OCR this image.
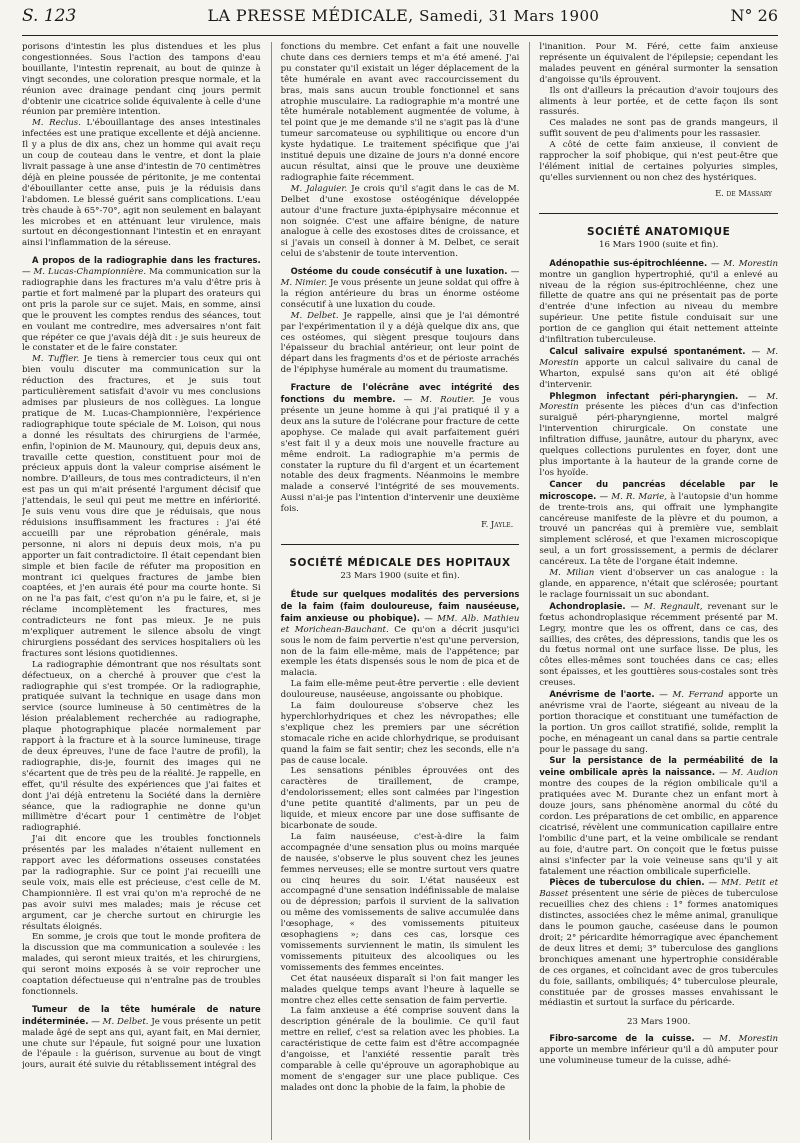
S. 123	LA PRESSE MÉDICALE, Samedi, 31 Mars 1900	N° 26

porisons d'intestin les plus distendues et les plus congestionnées. Sous l'action des tampons d'eau bouillante, l'intestin reprenait, au bout de quinze à vingt secondes, une coloration presque normale, et la réunion avec drainage pendant cinq jours permit d'obtenir une cicatrice solide équivalente à celle d'une réunion par première intention.

M. Reclus. L'ébouillantage des anses intestinales infectées est une pratique excellente et déjà ancienne. Il y a plus de dix ans, chez un homme qui avait reçu un coup de couteau dans le ventre, et dont la plaie livrait passage à une anse d'intestin de 70 centimètres déjà en pleine poussée de péritonite, je me contentai d'ébouillanter cette anse, puis je la réduisis dans l'abdomen. Le blessé guérit sans complications. L'eau très chaude à 65°-70°, agit non seulement en balayant les microbes et en atténuant leur virulence, mais surtout en décongestionnant l'intestin et en enrayant ainsi l'inflammation de la séreuse.

A propos de la radiographie dans les fractures. — M. Lucas-Championnière. Ma communication sur la radiographie dans les fractures m'a valu d'être pris à partie et fort malmené par la plupart des orateurs qui ont pris la parole sur ce sujet. Mais, en somme, ainsi que le prouvent les comptes rendus des séances, tout en voulant me contredire, mes adversaires n'ont fait que répéter ce que j'avais déjà dit : je suis heureux de le constater et de le faire constater.

M. Tuffier. Je tiens à remercier tous ceux qui ont bien voulu discuter ma communication sur la réduction des fractures, et je suis tout particulièrement satisfait d'avoir vu mes conclusions admises par plusieurs de nos collègues. La longue pratique de M. Lucas-Championnière, l'expérience radiographique toute spéciale de M. Loison, qui nous a donné les résultats des chirurgiens de l'armée, enfin, l'opinion de M. Maunoury, qui, depuis deux ans, travaille cette question, constituent pour moi de précieux appuis dont la valeur comprise aisément le nombre. D'ailleurs, de tous mes contradicteurs, il n'en est pas un qui m'ait présenté l'argument décisif que j'attendais, le seul qui peut me mettre en infériorité. Je suis venu vous dire que je réduisais, que nous réduisions insuffisamment les fractures : j'ai été accueilli par une réprobation générale, mais personne, ni alors ni depuis deux mois, n'a pu apporter un fait contradictoire. Il était cependant bien simple et bien facile de réfuter ma proposition en montrant ici quelques fractures de jambe bien coaptées, et j'en aurais été pour ma courte honte. Si on ne l'a pas fait, c'est qu'on n'a pu le faire, et, si je réclame incomplètement les fractures, mes contradicteurs ne font pas mieux. Je ne puis m'expliquer autrement le silence absolu de vingt chirurgiens possédant des services hospitaliers où les fractures sont lésions quotidiennes.

La radiographie démontrant que nos résultats sont défectueux, on a cherché à prouver que c'est la radiographie qui s'est trompée. Or la radiographie, pratiquée suivant la technique en usage dans mon service (source lumineuse à 50 centimètres de la lésion préalablement recherchée au radiographe, plaque photographique placée normalement par rapport à la fracture et à la source lumineuse, tirage de deux épreuves, l'une de face l'autre de profil), la radiographie, dis-je, fournit des images qui ne s'écartent que de très peu de la réalité. Je rappelle, en effet, qu'il résulte des expériences que j'ai faites et dont j'ai déjà entretenu la Société dans la dernière séance, que la radiographie ne donne qu'un millimètre d'écart pour 1 centimètre de l'objet radiographié.

J'ai dit encore que les troubles fonctionnels présentés par les malades n'étaient nullement en rapport avec les déformations osseuses constatées par la radiographie. Sur ce point j'ai recueilli une seule voix, mais elle est précieuse, c'est celle de M. Championnière. Il est vrai qu'on m'a reproché de ne pas avoir suivi mes malades; mais je récuse cet argument, car je cherche surtout en chirurgie les résultats éloignés.

En somme, je crois que tout le monde profitera de la discussion que ma communication a soulevée : les malades, qui seront mieux traités, et les chirurgiens, qui seront moins exposés à se voir reprocher une coaptation défectueuse qui n'entraîne pas de troubles fonctionnels.

Tumeur de la tête humérale de nature indéterminée. — M. Delbet. Je vous présente un petit malade âgé de sept ans qui, ayant fait, en Mai dernier, une chute sur l'épaule, fut soigné pour une luxation de l'épaule : la guérison, survenue au bout de vingt jours, aurait été suivie du rétablissement intégral des

fonctions du membre. Cet enfant a fait une nouvelle chute dans ces derniers temps et m'a été amené. J'ai pu constater qu'il existait un léger déplacement de la tête humérale en avant avec raccourcissement du bras, mais sans aucun trouble fonctionnel et sans atrophie musculaire. La radiographie m'a montré une tête humérale notablement augmentée de volume, à tel point que je me demande s'il ne s'agit pas là d'une tumeur sarcomateuse ou syphilitique ou encore d'un kyste hydatique. Le traitement spécifique que j'ai institué depuis une dizaine de jours n'a donné encore aucun résultat, ainsi que le prouve une deuxième radiographie faite récemment.

M. Jalaguier. Je crois qu'il s'agit dans le cas de M. Delbet d'une exostose ostéogénique développée autour d'une fracture juxta-épiphysaire méconnue et non soignée. C'est une affaire bénigne, de nature analogue à celle des exostoses dites de croissance, et si j'avais un conseil à donner à M. Delbet, ce serait celui de s'abstenir de toute intervention.

Ostéome du coude consécutif à une luxation. — M. Nimier. Je vous présente un jeune soldat qui offre à la région antérieure du bras un énorme ostéome consécutif à une luxation du coude.

M. Delbet. Je rappelle, ainsi que je l'ai démontré par l'expérimentation il y a déjà quelque dix ans, que ces ostéomes, qui siègent presque toujours dans l'épaisseur du brachial antérieur, ont leur point de départ dans les fragments d'os et de périoste arrachés de l'épiphyse humérale au moment du traumatisme.

Fracture de l'olécrâne avec intégrité des fonctions du membre. — M. Routier. Je vous présente un jeune homme à qui j'ai pratiqué il y a deux ans la suture de l'olécrane pour fracture de cette apophyse. Ce malade qui avait parfaitement guéri s'est fait il y a deux mois une nouvelle fracture au même endroit. La radiographie m'a permis de constater la rupture du fil d'argent et un écartement notable des deux fragments. Néanmoins le membre malade a conservé l'intégrité de ses mouvements. Aussi n'ai-je pas l'intention d'intervenir une deuxième fois.

F. Jayle.

SOCIÉTÉ MÉDICALE DES HOPITAUX
23 Mars 1900 (suite et fin).

Étude sur quelques modalités des perversions de la faim (faim douloureuse, faim nauséeuse, faim anxieuse ou phobique). — MM. Alb. Mathieu et Morichean-Bauchant. Ce qu'on a décrit jusqu'ici sous le nom de faim pervertie n'est qu'une perversion, non de la faim elle-même, mais de l'appétence; par exemple les états dispensés sous le nom de pica et de malacia.

La faim elle-même peut-être pervertie : elle devient douloureuse, nauséeuse, angoissante ou phobique.

La faim douloureuse s'observe chez les hyperchlorhydriques et chez les névropathes; elle s'explique chez les premiers par une sécrétion stomacale riche en acide chlorhydrique, se produisant quand la faim se fait sentir; chez les seconds, elle n'a pas de cause locale.

Les sensations pénibles éprouvées ont des caractères de tiraillement, de crampe, d'endolorissement; elles sont calmées par l'ingestion d'une petite quantité d'aliments, par un peu de liquide, et mieux encore par une dose suffisante de bicarbonate de soude.

La faim nauséeuse, c'est-à-dire la faim accompagnée d'une sensation plus ou moins marquée de nausée, s'observe le plus souvent chez les jeunes femmes nerveuses; elle se montre surtout vers quatre ou cinq heures du soir. L'état nauséeux est accompagné d'une sensation indéfinissable de malaise ou de dépression; parfois il survient de la salivation ou même des vomissements de salive accumulée dans l'œsophage, « des vomissements pituiteux œsophagiens »; dans ces cas, lorsque ces vomissements surviennent le matin, ils simulent les vomissements pituiteux des alcooliques ou les vomissements des femmes enceintes.

Cet état nauséeux disparaît si l'on fait manger les malades quelque temps avant l'heure à laquelle se montre chez elles cette sensation de faim pervertie.

La faim anxieuse a été comprise souvent dans la description générale de la boulimie. Ce qu'il faut mettre en relief, c'est sa relation avec les phobies. La caractéristique de cette faim est d'être accompagnée d'angoisse, et l'anxiété ressentie paraît très comparable à celle qu'éprouve un agoraphobique au moment de s'engager sur une place publique. Ces malades ont donc la phobie de la faim, la phobie de

l'inanition. Pour M. Féré, cette faim anxieuse représente un équivalent de l'épilepsie; cependant les malades peuvent en général surmonter la sensation d'angoisse qu'ils éprouvent.

Ils ont d'ailleurs la précaution d'avoir toujours des aliments à leur portée, et de cette façon ils sont rassurés.

Ces malades ne sont pas de grands mangeurs, il suffit souvent de peu d'aliments pour les rassasier.

A côté de cette faim anxieuse, il convient de rapprocher la soif phobique, qui n'est peut-être que l'élément initial de certaines polyuries simples, qu'elles surviennent ou non chez des hystériques.

E. de Massary

SOCIÉTÉ ANATOMIQUE
16 Mars 1900 (suite et fin).

Adénopathie sus-épitrochléenne. — M. Morestin montre un ganglion hypertrophié, qu'il a enlevé au niveau de la région sus-épitrochléenne, chez une fillette de quatre ans qui ne présentait pas de porte d'entrée d'une infection au niveau du membre supérieur. Une petite fistule conduisait sur une portion de ce ganglion qui était nettement atteinte d'infiltration tuberculeuse.

Calcul salivaire expulsé spontanément. — M. Morestin apporte un calcul salivaire du canal de Wharton, expulsé sans qu'on ait été obligé d'intervenir.

Phlegmon infectant péri-pharyngien. — M. Morestin présente les pièces d'un cas d'infection suraiguë péri-pharyngienne, mortel malgré l'intervention chirurgicale. On constate une infiltration diffuse, jaunâtre, autour du pharynx, avec quelques collections purulentes en foyer, dont une plus importante à la hauteur de la grande corne de l'os hyoïde.

Cancer du pancréas décelable par le microscope. — M. R. Marie, à l'autopsie d'un homme de trente-trois ans, qui offrait une lymphangite cancéreuse manifeste de la plèvre et du poumon, a trouvé un pancréas qui à première vue, semblait simplement sclérosé, et que l'examen microscopique seul, a un fort grossissement, a permis de déclarer cancéreux. La tête de l'organe était indemne.

M. Milian vient d'observer un cas analogue : la glande, en apparence, n'était que sclérosée; pourtant le raclage fournissait un suc abondant.

Achondroplasie. — M. Regnault, revenant sur le fœtus achondroplasique récemment présenté par M. Legry, montre que les os offrent, dans ce cas, des saillies, des crêtes, des dépressions, tandis que les os du fœtus normal ont une surface lisse. De plus, les côtes elles-mêmes sont touchées dans ce cas; elles sont épaisses, et les gouttières sous-costales sont très creuses.

Anévrisme de l'aorte. — M. Ferrand apporte un anévrisme vrai de l'aorte, siégeant au niveau de la portion thoracique et constituant une tuméfaction de la portion. Un gros caillot stratifié, solide, remplit la poche, en ménageant un canal dans sa partie centrale pour le passage du sang.

Sur la persistance de la perméabilité de la veine ombilicale après la naissance. — M. Audion montre des coupes de la région ombilicale qu'il a pratiquées avec M. Durante chez un enfant mort à douze jours, sans phénomène anormal du côté du cordon. Les préparations de cet ombilic, en apparence cicatrisé, révèlent une communication capillaire entre l'ombilic d'une part, et la veine ombilicale se rendant au foie, d'autre part. On conçoit que le fœtus puisse ainsi s'infecter par la voie veineuse sans qu'il y ait fatalement une réaction ombilicale superficielle.

Pièces de tuberculose du chien. — MM. Petit et Basset présentent une série de pièces de tuberculose recueillies chez des chiens : 1° formes anatomiques distinctes, associées chez le même animal, granulique dans le poumon gauche, caséeuse dans le poumon droit; 2° péricardite hémorragique avec épanchement de deux litres et demi; 3° tuberculose des ganglions bronchiques amenant une hypertrophie considérable de ces organes, et coïncidant avec de gros tubercules du foie, saillants, ombiliqués; 4° tuberculose pleurale, constituée par de grosses masses envahissant le médiastin et surtout la surface du péricarde.

23 Mars 1900.

Fibro-sarcome de la cuisse. — M. Morestin apporte un membre inférieur qu'il a dû amputer pour une volumineuse tumeur de la cuisse, adhé-
